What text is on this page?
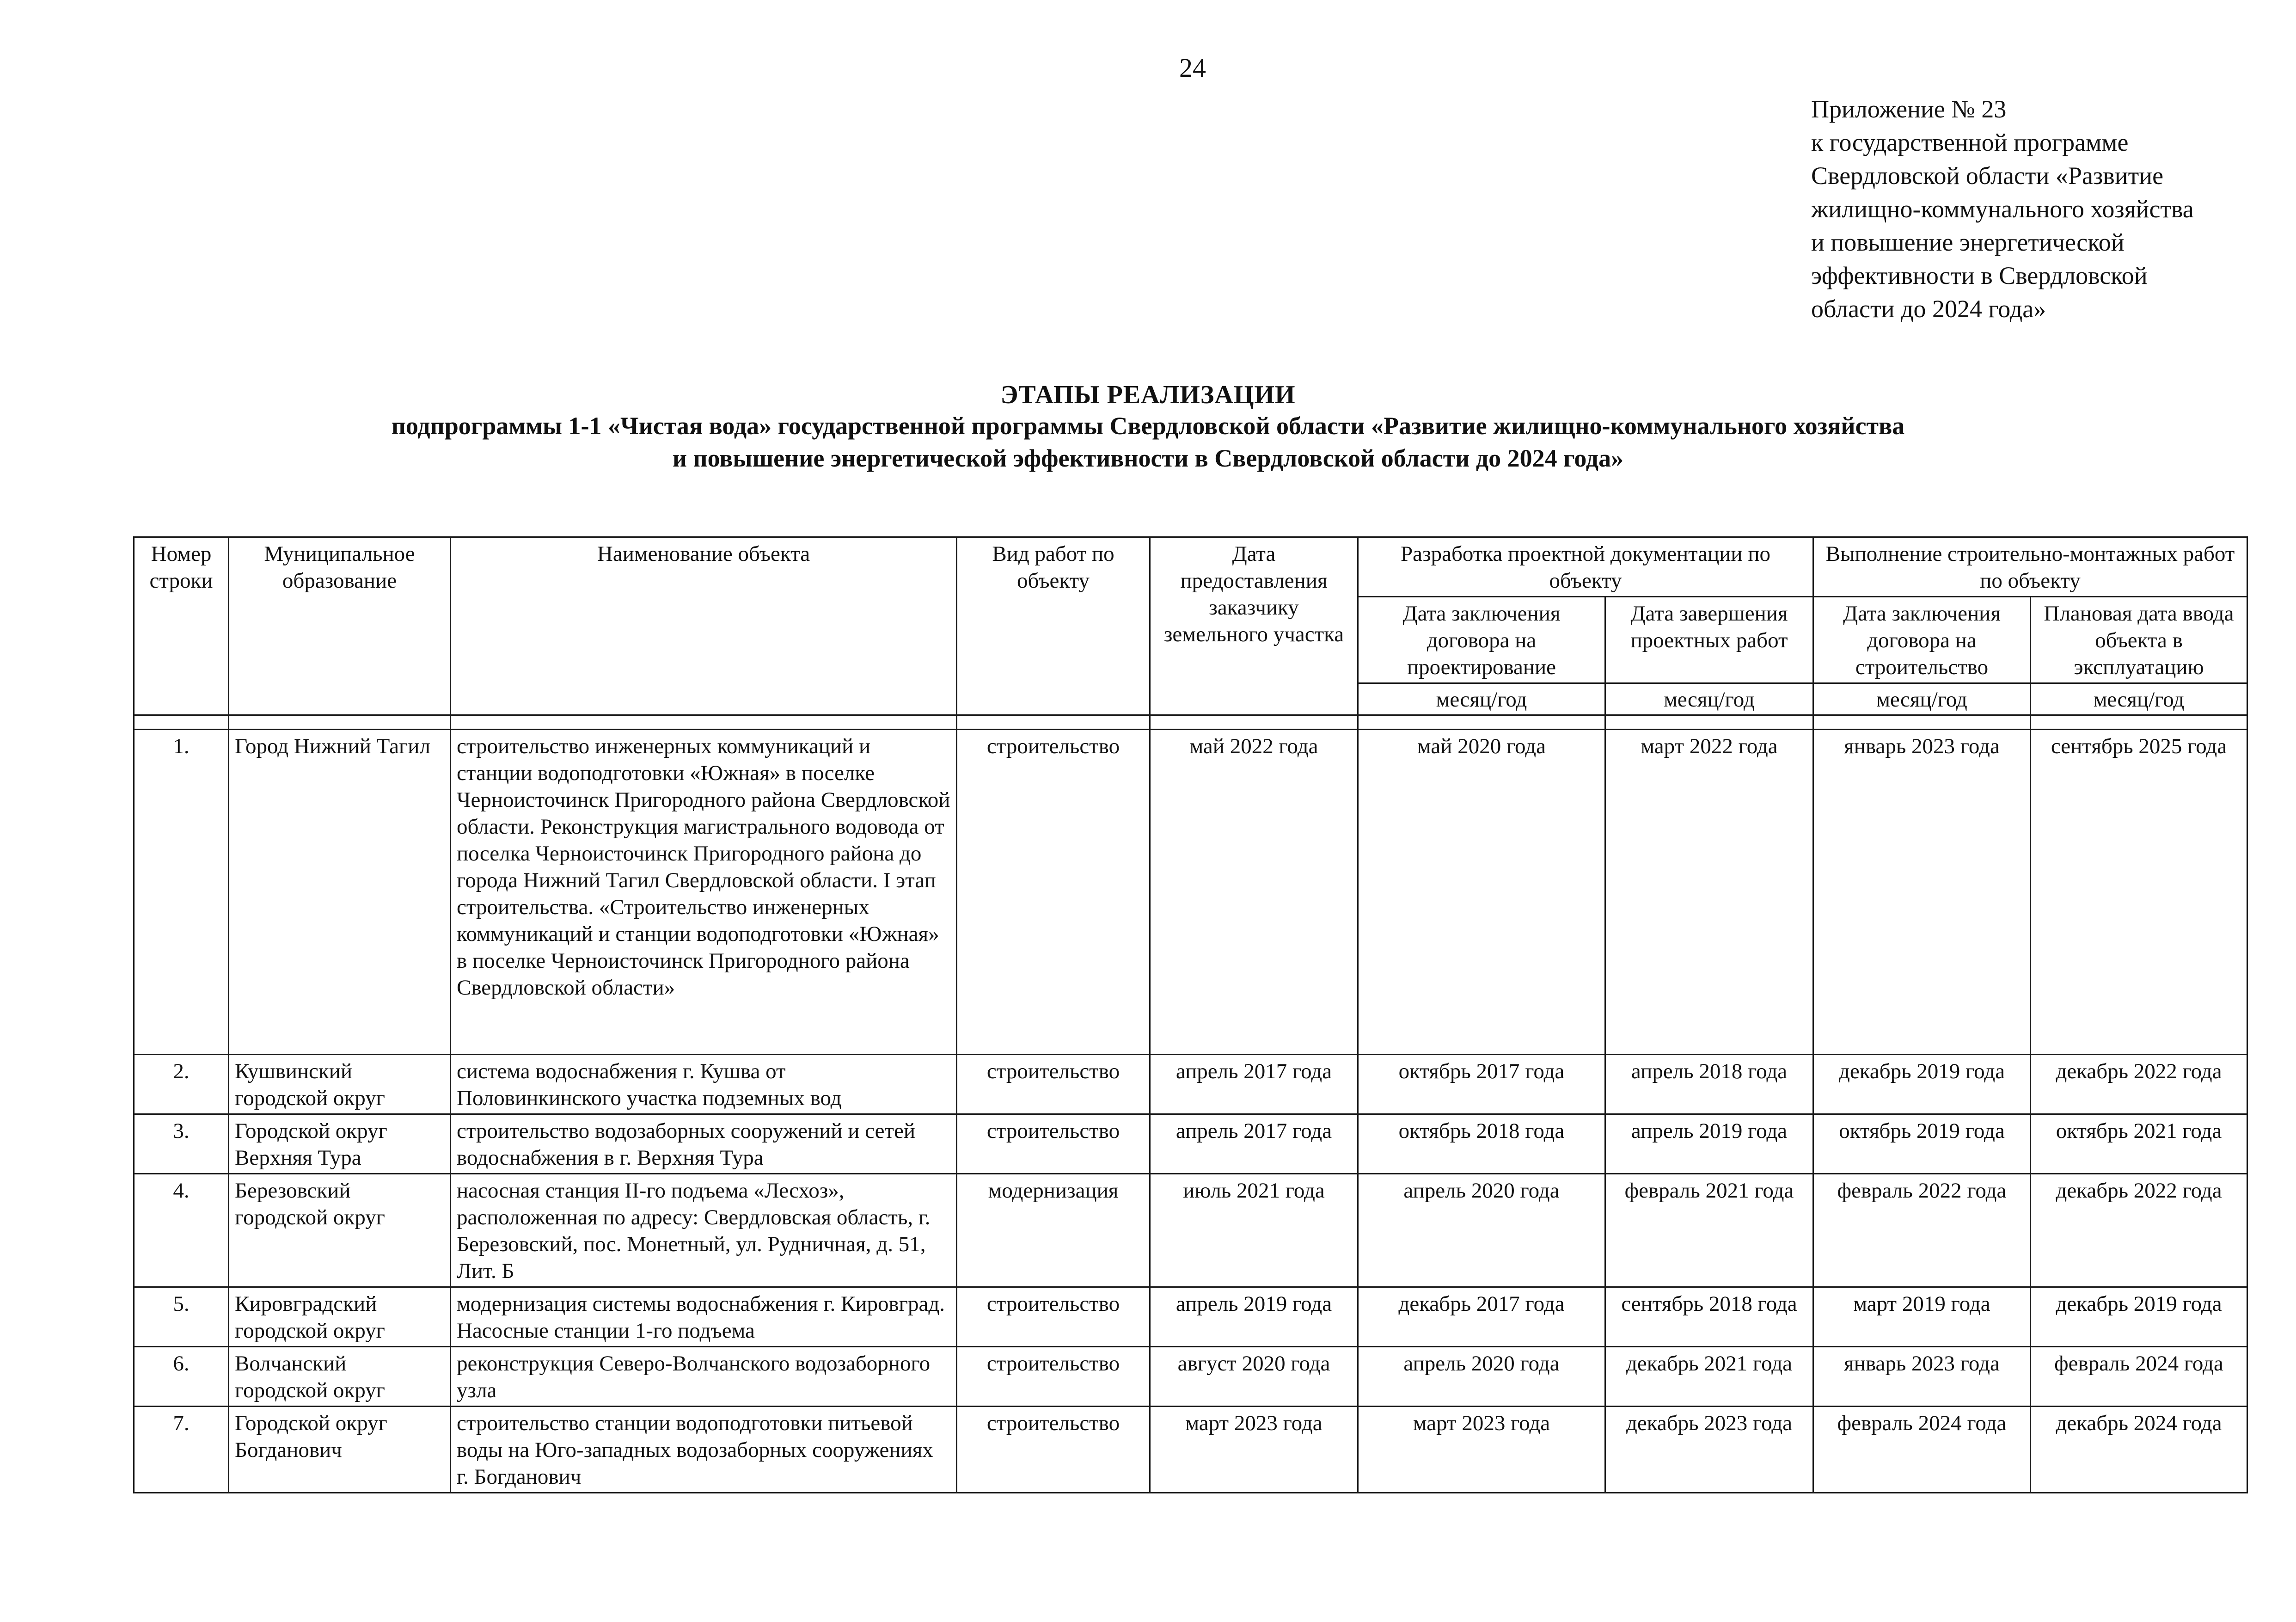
24
Приложение № 23
к государственной программе
Свердловской области «Развитие
жилищно-коммунального хозяйства
и повышение энергетической
эффективности в Свердловской
области до 2024 года»
ЭТАПЫ РЕАЛИЗАЦИИ
подпрограммы 1-1 «Чистая вода» государственной программы Свердловской области «Развитие жилищно-коммунального хозяйства
и повышение энергетической эффективности в Свердловской области до 2024 года»
Номер строки	Муниципальное образование	Наименование объекта	Вид работ по объекту	Дата предоставления заказчику земельного участка	Разработка проектной документации по объекту		Выполнение строительно-монтажных работ по объекту	
					Дата заключения договора на проектирование	Дата завершения проектных работ	Дата заключения договора на строительство	Плановая дата ввода объекта в эксплуатацию
					месяц/год	месяц/год	месяц/год	месяц/год

1.	Город Нижний Тагил	строительство инженерных коммуникаций и станции водоподготовки «Южная» в поселке Черноисточинск Пригородного района Свердловской области. Реконструкция магистрального водовода от поселка Черноисточинск Пригородного района до города Нижний Тагил Свердловской области. I этап строительства. «Строительство инженерных коммуникаций и станции водоподготовки «Южная» в поселке Черноисточинск Пригородного района Свердловской области»	строительство	май 2022 года	май 2020 года	март 2022 года	январь 2023 года	сентябрь 2025 года
2.	Кушвинский городской округ	система водоснабжения г. Кушва от Половинкинского участка подземных вод	строительство	апрель 2017 года	октябрь 2017 года	апрель 2018 года	декабрь 2019 года	декабрь 2022 года
3.	Городской округ Верхняя Тура	строительство водозаборных сооружений и сетей водоснабжения в г. Верхняя Тура	строительство	апрель 2017 года	октябрь 2018 года	апрель 2019 года	октябрь 2019 года	октябрь 2021 года
4.	Березовский городской округ	насосная станция II-го подъема «Лесхоз», расположенная по адресу: Свердловская область, г. Березовский, пос. Монетный, ул. Рудничная, д. 51, Лит. Б	модернизация	июль 2021 года	апрель 2020 года	февраль 2021 года	февраль 2022 года	декабрь 2022 года
5.	Кировградский городской округ	модернизация системы водоснабжения г. Кировград. Насосные станции 1-го подъема	строительство	апрель 2019 года	декабрь 2017 года	сентябрь 2018 года	март 2019 года	декабрь 2019 года
6.	Волчанский городской округ	реконструкция Северо-Волчанского водозаборного узла	строительство	август 2020 года	апрель 2020 года	декабрь 2021 года	январь 2023 года	февраль 2024 года
7.	Городской округ Богданович	строительство станции водоподготовки питьевой воды на Юго-западных водозаборных сооружениях г. Богданович	строительство	март 2023 года	март 2023 года	декабрь 2023 года	февраль 2024 года	декабрь 2024 года
